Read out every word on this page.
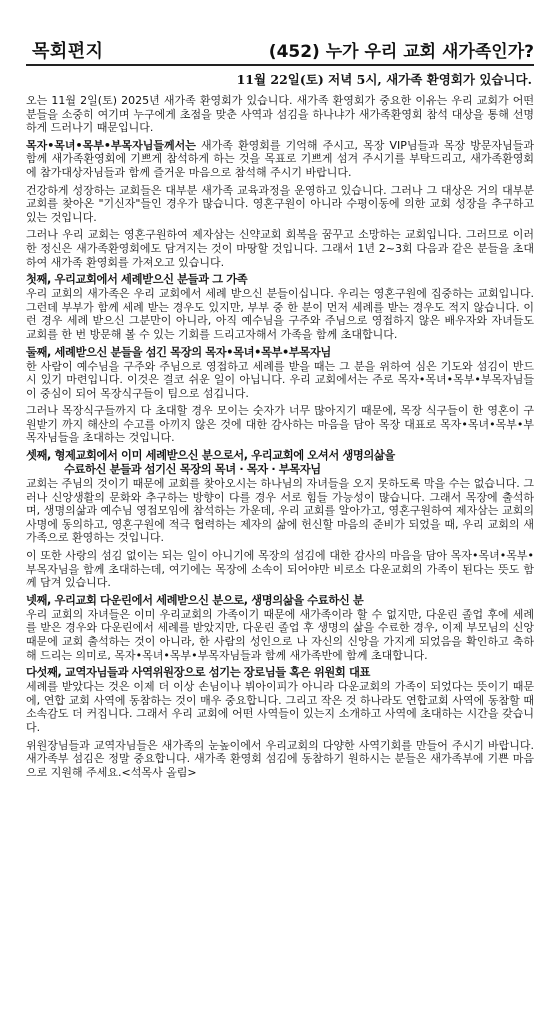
목회편지	(452) 누가 우리 교회 새가족인가?
11월 22일(토) 저녁 5시, 새가족 환영회가 있습니다.

오는 11월 2일(토) 2025년 새가족 환영회가 있습니다. 새가족 환영회가 중요한 이유는 우리 교회가 어떤 분들을 소중히 여기며 누구에게 초점을 맞춘 사역과 섬김을 하나냐가 새가족환영회 참석 대상을 통해 선명하게 드러나기 때문입니다.

목자•목녀•목부•부목자님들께서는 새가족 환영회를 기억해 주시고, 목장 VIP님들과 목장 방문자님들과 함께 새가족환영회에 기쁘게 참석하게 하는 것을 목표로 기쁘게 섬겨 주시기를 부탁드리고, 새가족환영회에 참가대상자님들과 함께 즐거운 마음으로 참석해 주시기 바랍니다.

건강하게 성장하는 교회들은 대부분 새가족 교육과정을 운영하고 있습니다. 그러나 그 대상은 거의 대부분 교회를 찾아온 "기신자"들인 경우가 많습니다. 영혼구원이 아니라 수평이동에 의한 교회 성장을 추구하고 있는 것입니다.

그러나 우리 교회는 영혼구원하여 제자삼는 신약교회 회복을 꿈꾸고 소망하는 교회입니다. 그러므로 이러한 정신은 새가족환영회에도 담겨지는 것이 마땅할 것입니다. 그래서 1년 2~3회 다음과 같은 분들을 초대하여 새가족 환영회를 가져오고 있습니다.

첫째, 우리교회에서 세례받으신 분들과 그 가족

우리 교회의 새가족은 우리 교회에서 세례 받으신 분들이십니다. 우리는 영혼구원에 집중하는 교회입니다. 그런데 부부가 함께 세례 받는 경우도 있지만, 부부 중 한 분이 먼저 세례를 받는 경우도 적지 않습니다. 이런 경우 세례 받으신 그분만이 아니라, 아직 예수님을 구주와 주님으로 영접하지 않은 배우자와 자녀들도 교회를 한 번 방문해 볼 수 있는 기회를 드리고자해서 가족을 함께 초대합니다.

둘째, 세례받으신 분들을 섬긴 목장의 목자•목녀•목부•부목자님

한 사람이 예수님을 구주와 주님으로 영접하고 세례를 받을 때는 그 분을 위하여 심은 기도와 섬김이 반드시 있기 마련입니다. 이것은 결코 쉬운 일이 아닙니다. 우리 교회에서는 주로 목자•목녀•목부•부목자님들이 중심이 되어 목장식구들이 팀으로 섬깁니다.

그러나 목장식구들까지 다 초대할 경우 모이는 숫자가 너무 많아지기 때문에, 목장 식구들이 한 영혼이 구원받기 까지 해산의 수고를 아끼지 않은 것에 대한 감사하는 마음을 담아 목장 대표로 목자•목녀•목부•부목자님들을 초대하는 것입니다.

셋째, 형제교회에서 이미 세례받으신 분으로서, 우리교회에 오셔서 생명의삶을
수료하신 분들과 섬기신 목장의 목녀 · 목자 · 부목자님

교회는 주님의 것이기 때문에 교회를 찾아오시는 하나님의 자녀들을 오지 못하도록 막을 수는 없습니다. 그러나 신앙생활의 문화와 추구하는 방향이 다를 경우 서로 힘들 가능성이 많습니다. 그래서 목장에 출석하며, 생명의삶과 예수님 영접모임에 참석하는 가운데, 우리 교회를 알아가고, 영혼구원하여 제자삼는 교회의 사명에 동의하고, 영혼구원에 적극 협력하는 제자의 삶에 헌신할 마음의 준비가 되었을 때, 우리 교회의 새가족으로 환영하는 것입니다.

이 또한 사랑의 섬김 없이는 되는 일이 아니기에 목장의 섬김에 대한 감사의 마음을 담아 목자•목녀•목부•부목자님을 함께 초대하는데, 여기에는 목장에 소속이 되어야만 비로소 다운교회의 가족이 된다는 뜻도 함께 담겨 있습니다.

넷째, 우리교회 다운린에서 세례받으신 분으로, 생명의삶을 수료하신 분

우리 교회의 자녀들은 이미 우리교회의 가족이기 때문에 새가족이라 할 수 없지만, 다운린 졸업 후에 세례를 받은 경우와 다운린에서 세례를 받았지만, 다운린 졸업 후 생명의 삶을 수료한 경우, 이제 부모님의 신앙 때문에 교회 출석하는 것이 아니라, 한 사람의 성인으로 나 자신의 신앙을 가지게 되었음을 확인하고 축하해 드리는 의미로, 목자•목녀•목부•부목자님들과 함께 새가족반에 함께 초대합니다.

다섯째, 교역자님들과 사역위원장으로 섬기는 장로님들 혹은 위원회 대표

세례를 받았다는 것은 이제 더 이상 손님이나 뷔아이피가 아니라 다운교회의 가족이 되었다는 뜻이기 때문에, 연합 교회 사역에 동참하는 것이 매우 중요합니다. 그리고 작은 것 하나라도 연합교회 사역에 동참할 때 소속감도 더 커집니다. 그래서 우리 교회에 어떤 사역들이 있는지 소개하고 사역에 초대하는 시간을 갖습니다.

위원장님들과 교역자님들은 새가족의 눈높이에서 우리교회의 다양한 사역기회를 만들어 주시기 바랍니다. 새가족부 섬김은 정말 중요합니다. 새가족 환영회 섬김에 동참하기 원하시는 분들은 새가족부에 기쁜 마음으로 지원해 주세요.<석목사 올림>
